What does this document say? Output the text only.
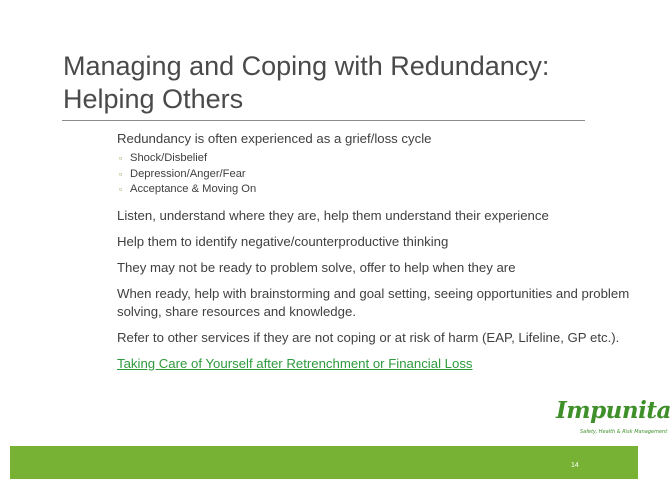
Managing and Coping with Redundancy:
Helping Others

Redundancy is often experienced as a grief/loss cycle

▫ Shock/Disbelief
▫ Depression/Anger/Fear
▫ Acceptance & Moving On

Listen, understand where they are, help them understand their experience

Help them to identify negative/counterproductive thinking

They may not be ready to problem solve, offer to help when they are

When ready, help with brainstorming and goal setting, seeing opportunities and problem solving, share resources and knowledge.

Refer to other services if they are not coping or at risk of harm (EAP, Lifeline, GP etc.).

Taking Care of Yourself after Retrenchment or Financial Loss

Impunita
Safety, Health & Risk Management
14
